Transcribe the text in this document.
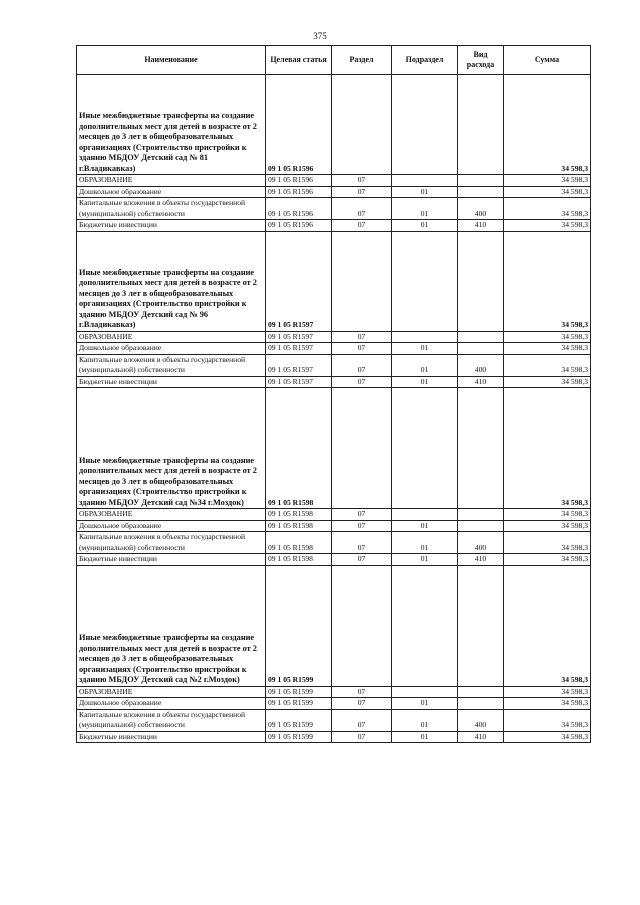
375
Наименование	Целевая статья	Раздел	Подраздел	Вид расхода	Сумма
Иные межбюджетные трансферты на создание дополнительных мест для детей в возрасте от 2 месяцев до 3 лет в общеобразовательных организациях (Строительство пристройки к зданию МБДОУ Детский сад № 81 г.Владикавказ)	09 1 05 R1596				34 598,3
ОБРАЗОВАНИЕ	09 1 05 R1596	07			34 598,3
Дошкольное образование	09 1 05 R1596	07	01		34 598,3
Капитальные вложения в объекты государственной (муниципальной) собственности	09 1 05 R1596	07	01	400	34 598,3
Бюджетные инвестиции	09 1 05 R1596	07	01	410	34 598,3
Иные межбюджетные трансферты на создание дополнительных мест для детей в возрасте от 2 месяцев до 3 лет в общеобразовательных организациях (Строительство пристройки к зданию МБДОУ Детский сад № 96 г.Владикавказ)	09 1 05 R1597				34 598,3
ОБРАЗОВАНИЕ	09 1 05 R1597	07			34 598,3
Дошкольное образование	09 1 05 R1597	07	01		34 598,3
Капитальные вложения в объекты государственной (муниципальной) собственности	09 1 05 R1597	07	01	400	34 598,3
Бюджетные инвестиции	09 1 05 R1597	07	01	410	34 598,3
Иные межбюджетные трансферты на создание дополнительных мест для детей в возрасте от 2 месяцев до 3 лет в общеобразовательных организациях (Строительство пристройки к зданию МБДОУ Детский сад №34 г.Моздок)	09 1 05 R1598				34 598,3
ОБРАЗОВАНИЕ	09 1 05 R1598	07			34 598,3
Дошкольное образование	09 1 05 R1598	07	01		34 598,3
Капитальные вложения в объекты государственной (муниципальной) собственности	09 1 05 R1598	07	01	400	34 598,3
Бюджетные инвестиции	09 1 05 R1598	07	01	410	34 598,3
Иные межбюджетные трансферты на создание дополнительных мест для детей в возрасте от 2 месяцев до 3 лет в общеобразовательных организациях (Строительство пристройки к зданию МБДОУ Детский сад №2 г.Моздок)	09 1 05 R1599				34 598,3
ОБРАЗОВАНИЕ	09 1 05 R1599	07			34 598,3
Дошкольное образование	09 1 05 R1599	07	01		34 598,3
Капитальные вложения в объекты государственной (муниципальной) собственности	09 1 05 R1599	07	01	400	34 598,3
Бюджетные инвестиции	09 1 05 R1599	07	01	410	34 598,3
